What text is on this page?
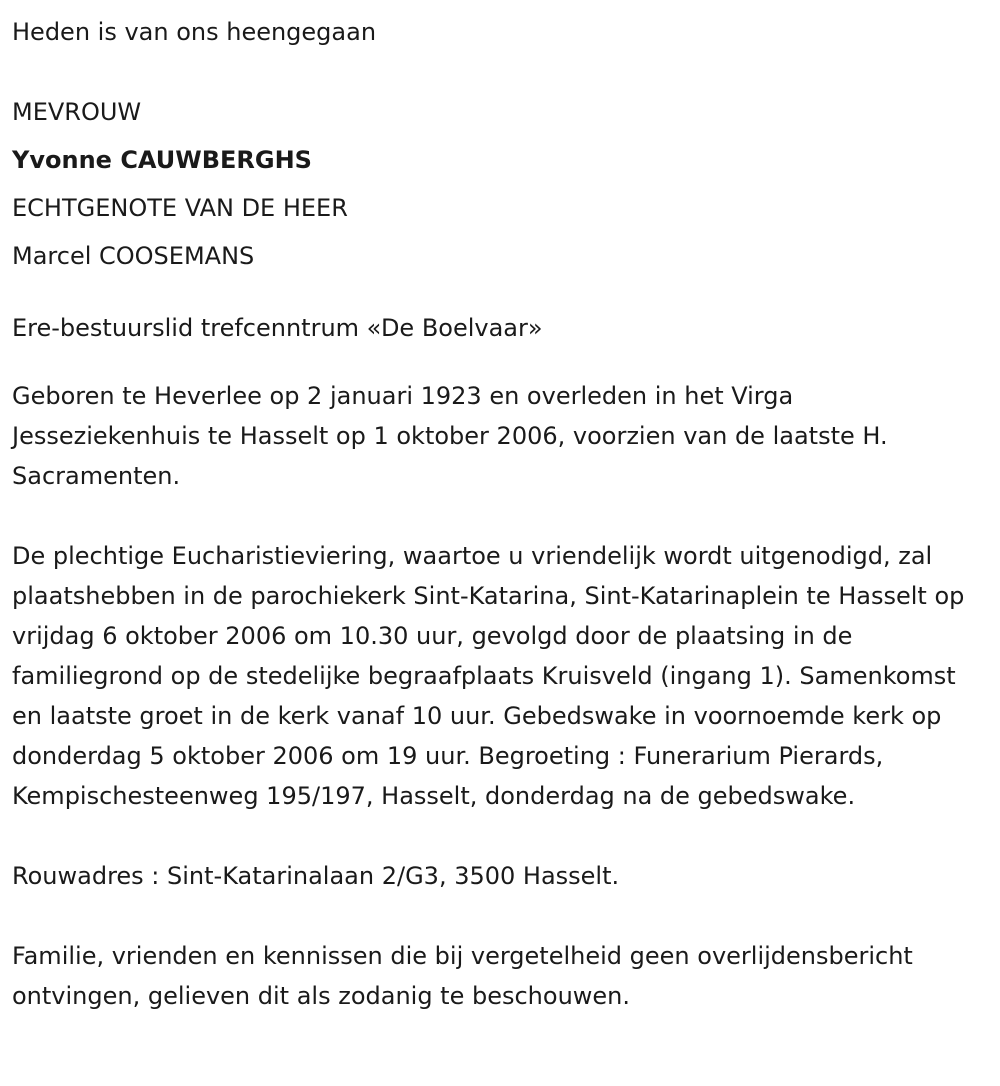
Heden is van ons heengegaan

MEVROUW

Yvonne CAUWBERGHS

ECHTGENOTE VAN DE HEER

Marcel COOSEMANS

Ere-bestuurslid trefcenntrum «De Boelvaar»

Geboren te Heverlee op 2 januari 1923 en overleden in het Virga Jesseziekenhuis te Hasselt op 1 oktober 2006, voorzien van de laatste H. Sacramenten.

De plechtige Eucharistieviering, waartoe u vriendelijk wordt uitgenodigd, zal plaatshebben in de parochiekerk Sint-Katarina, Sint-Katarinaplein te Hasselt op vrijdag 6 oktober 2006 om 10.30 uur, gevolgd door de plaatsing in de familiegrond op de stedelijke begraafplaats Kruisveld (ingang 1). Samenkomst en laatste groet in de kerk vanaf 10 uur. Gebedswake in voornoemde kerk op donderdag 5 oktober 2006 om 19 uur. Begroeting : Funerarium Pierards, Kempischesteenweg 195/197, Hasselt, donderdag na de gebedswake.

Rouwadres : Sint-Katarinalaan 2/G3, 3500 Hasselt.

Familie, vrienden en kennissen die bij vergetelheid geen overlijdensbericht ontvingen, gelieven dit als zodanig te beschouwen.
